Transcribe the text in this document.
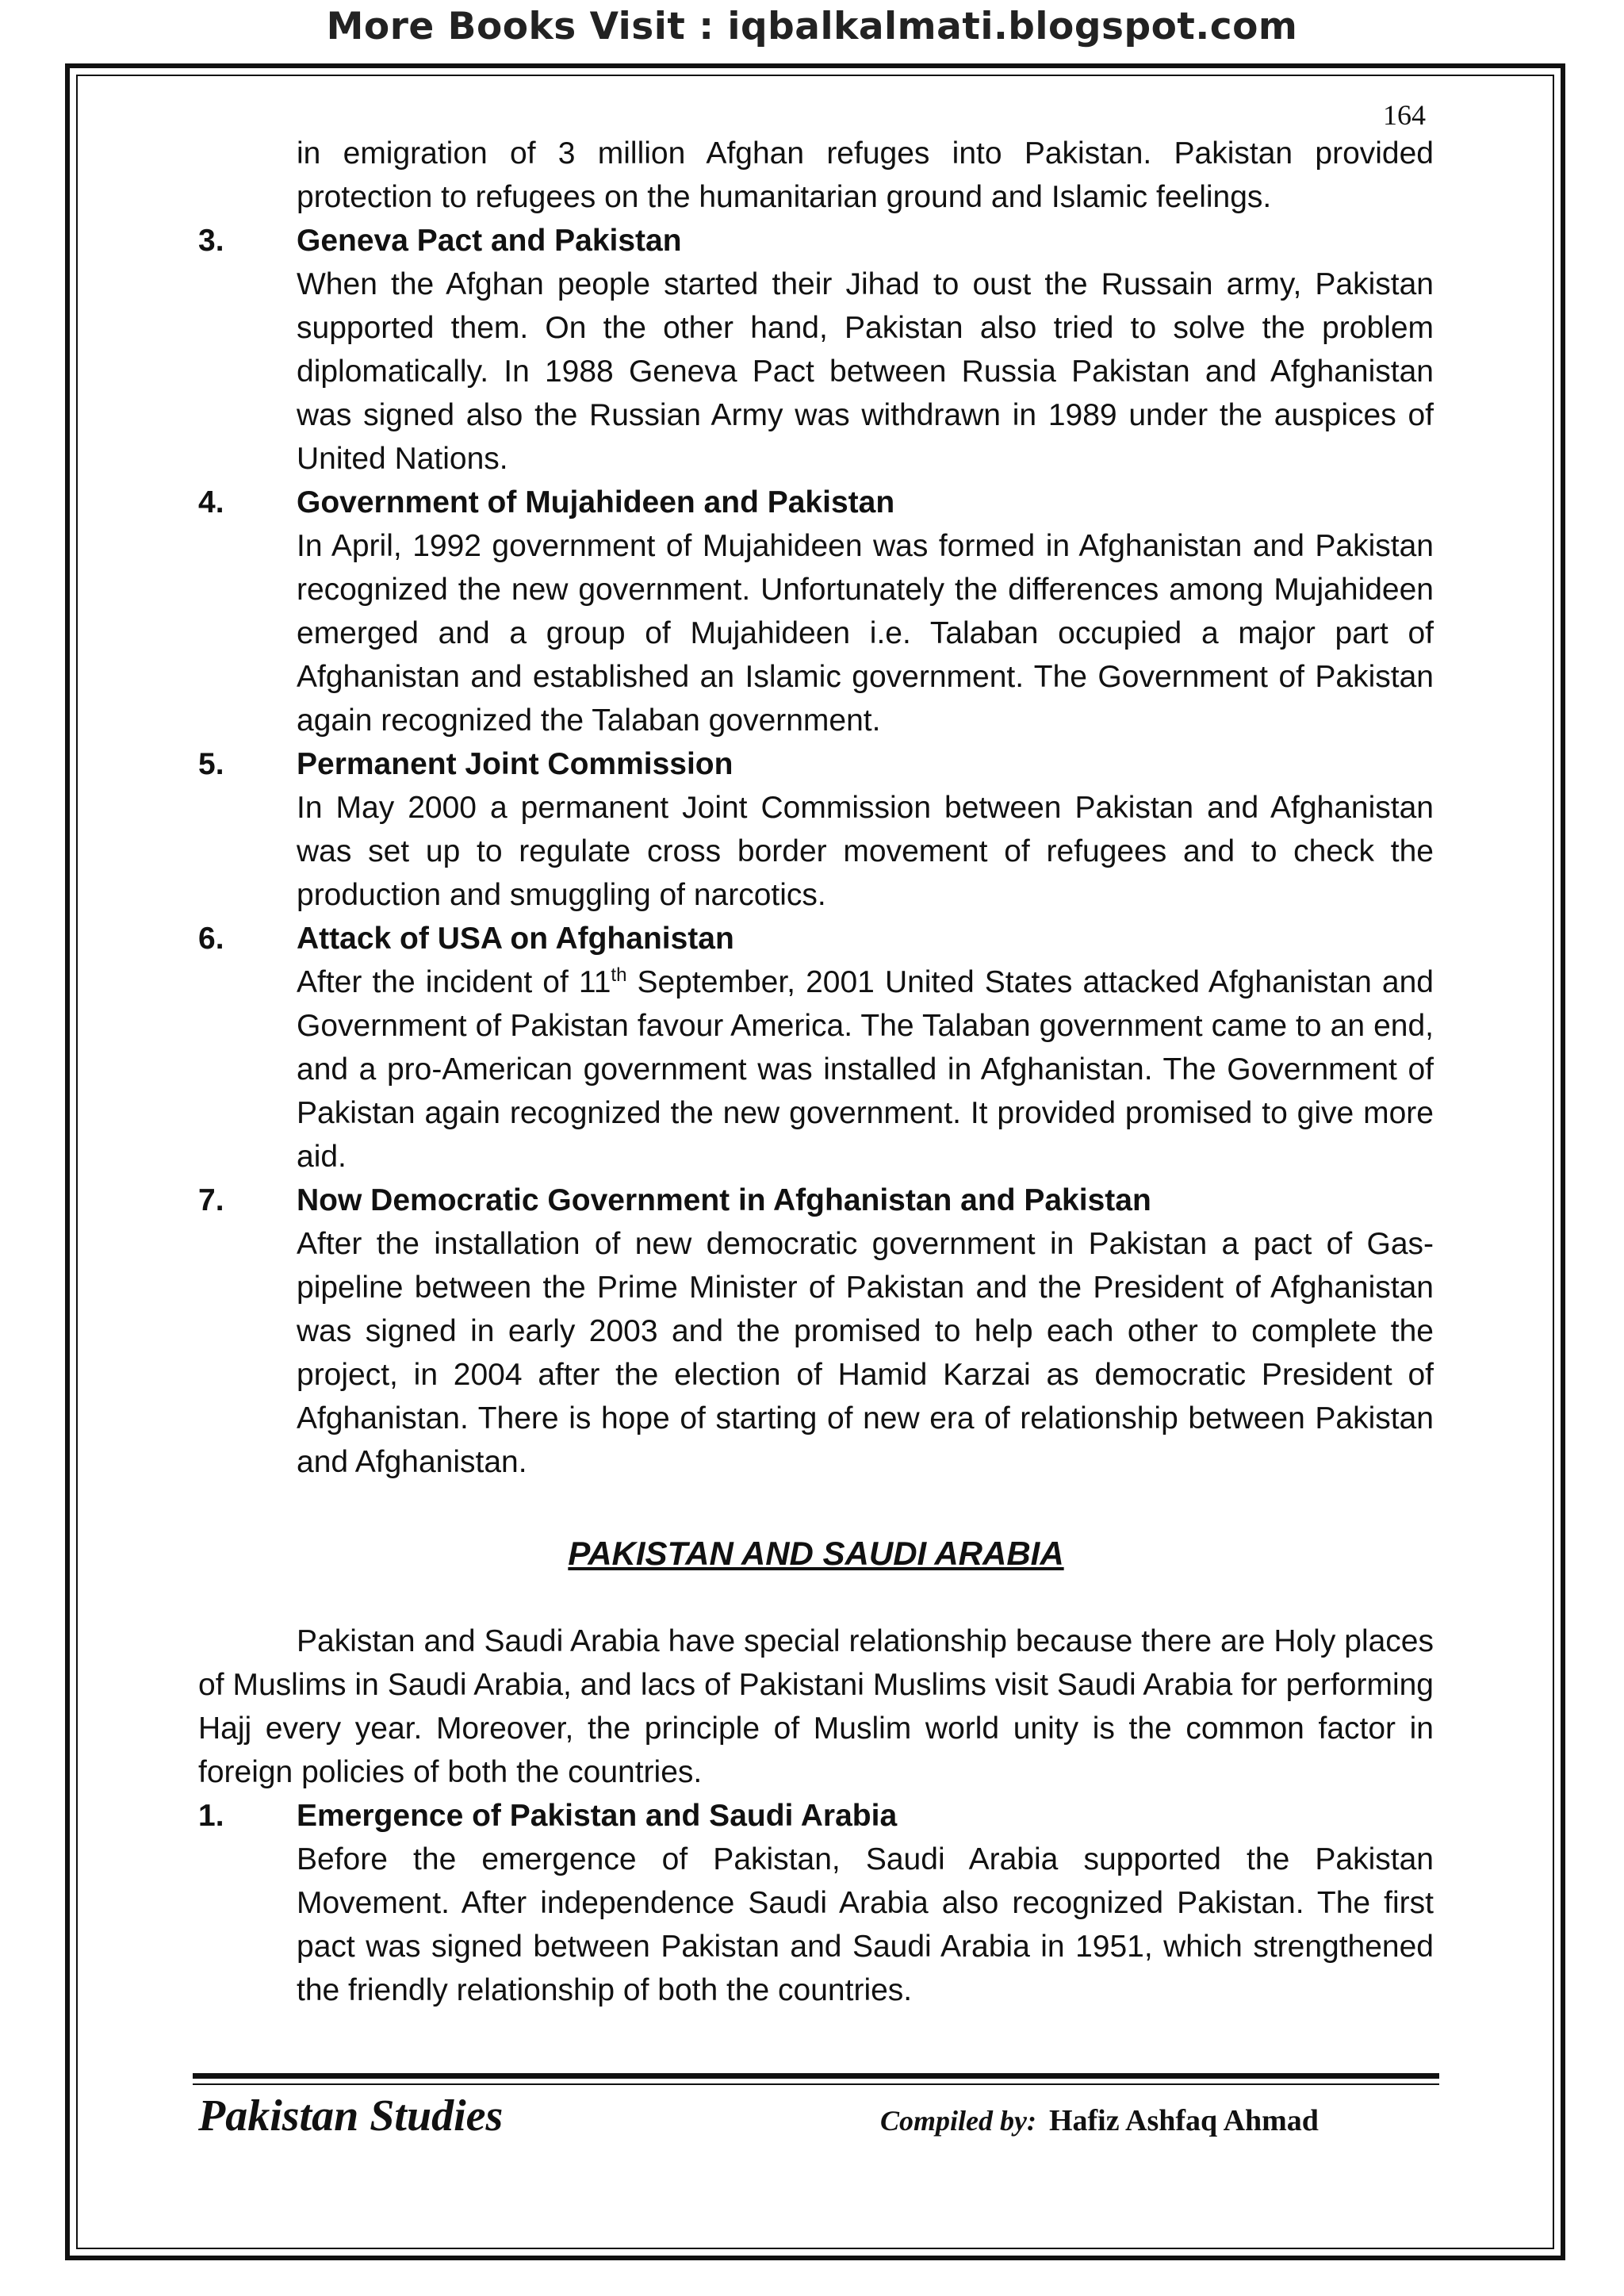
More Books Visit : iqbalkalmati.blogspot.com
164

in emigration of 3 million Afghan refuges into Pakistan. Pakistan provided protection to refugees on the humanitarian ground and Islamic feelings.

3.	Geneva Pact and Pakistan

When the Afghan people started their Jihad to oust the Russain army, Pakistan supported them. On the other hand, Pakistan also tried to solve the problem diplomatically. In 1988 Geneva Pact between Russia Pakistan and Afghanistan was signed also the Russian Army was withdrawn in 1989 under the auspices of United Nations.

4.	Government of Mujahideen and Pakistan

In April, 1992 government of Mujahideen was formed in Afghanistan and Pakistan recognized the new government. Unfortunately the differences among Mujahideen emerged and a group of Mujahideen i.e. Talaban occupied a major part of Afghanistan and established an Islamic government. The Government of Pakistan again recognized the Talaban government.

5.	Permanent Joint Commission

In May 2000 a permanent Joint Commission between Pakistan and Afghanistan was set up to regulate cross border movement of refugees and to check the production and smuggling of narcotics.

6.	Attack of USA on Afghanistan

After the incident of 11th September, 2001 United States attacked Afghanistan and Government of Pakistan favour America. The Talaban government came to an end, and a pro-American government was installed in Afghanistan. The Government of Pakistan again recognized the new government. It provided promised to give more aid.

7.	Now Democratic Government in Afghanistan and Pakistan

After the installation of new democratic government in Pakistan a pact of Gas-pipeline between the Prime Minister of Pakistan and the President of Afghanistan was signed in early 2003 and the promised to help each other to complete the project, in 2004 after the election of Hamid Karzai as democratic President of Afghanistan. There is hope of starting of new era of relationship between Pakistan and Afghanistan.

PAKISTAN AND SAUDI ARABIA

Pakistan and Saudi Arabia have special relationship because there are Holy places of Muslims in Saudi Arabia, and lacs of Pakistani Muslims visit Saudi Arabia for performing Hajj every year. Moreover, the principle of Muslim world unity is the common factor in foreign policies of both the countries.

1.	Emergence of Pakistan and Saudi Arabia

Before the emergence of Pakistan, Saudi Arabia supported the Pakistan Movement. After independence Saudi Arabia also recognized Pakistan. The first pact was signed between Pakistan and Saudi Arabia in 1951, which strengthened the friendly relationship of both the countries.

Pakistan Studies	Compiled by: Hafiz Ashfaq Ahmad
